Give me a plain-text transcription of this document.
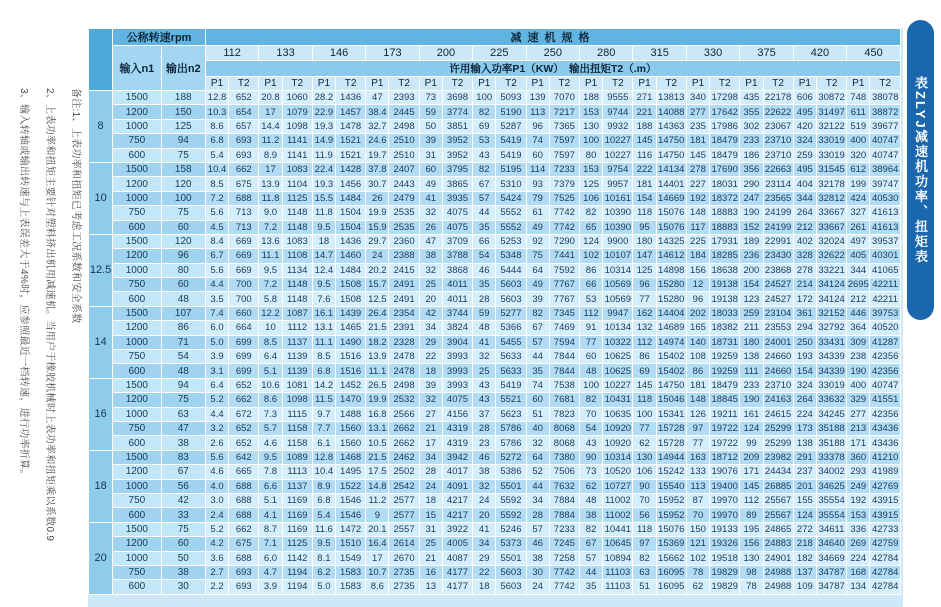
备注:1、上表功率和扭矩已考虑工况系数和安全系数
2、上表功率和扭矩主要针对塑料挤出机用减速机。当用户于橡胶机械时上表功率和扭矩乘以系数0.9
3、输入转轴或输出转速与上表误差大于4%时，应参照最近一档转速，进行功率折算。
	公称转速rpm		减速机规格																									
	输入n1	输出n2	112		133		146		173		200		225		250		280		315		330		375		420		450	
			许用输入功率P1（KW）　输出扭矩T2（.m）																									
			P1	T2	P1	T2	P1	T2	P1	T2	P1	T2	P1	T2	P1	T2	P1	T2	P1	T2	P1	T2	P1	T2	P1	T2	P1	T2
8	1500	188	12.8	652	20.8	1060	28.2	1436	47	2393	73	3698	100	5093	139	7070	188	9555	271	13813	340	17298	435	22178	606	30872	748	38078
	1200	150	10.3	654	17	1079	22.9	1457	38.4	2445	59	3774	82	5190	113	7217	153	9744	221	14088	277	17642	355	22622	495	31497	611	38872
	1000	125	8.6	657	14.4	1098	19.3	1478	32.7	2498	50	3851	69	5287	96	7365	130	9932	188	14363	235	17986	302	23067	420	32122	519	39677
	750	94	6.8	693	11.2	1141	14.9	1521	24.6	2510	39	3952	53	5419	74	7597	100	10227	145	14750	181	18479	233	23710	324	33019	400	40747
	600	75	5.4	693	8.9	1141	11.9	1521	19.7	2510	31	3952	43	5419	60	7597	80	10227	116	14750	145	18479	186	23710	259	33019	320	40747
10	1500	158	10.4	662	17	1083	22.4	1428	37.8	2407	60	3795	82	5195	114	7233	153	9754	222	14134	278	17690	356	22663	495	31545	612	38964
	1200	120	8.5	675	13.9	1104	19.3	1456	30.7	2443	49	3865	67	5310	93	7379	125	9957	181	14401	227	18031	290	23114	404	32178	199	39747
	1000	100	7.2	688	11.8	1125	15.5	1484	26	2479	41	3935	57	5424	79	7525	106	10161	154	14669	192	18372	247	23565	344	32812	424	40530
	750	75	5.6	713	9.0	1148	11.8	1504	19.9	2535	32	4075	44	5552	61	7742	82	10390	118	15076	148	18883	190	24199	264	33667	327	41613
	600	60	4.5	713	7.2	1148	9.5	1504	15.9	2535	26	4075	35	5552	49	7742	65	10390	95	15076	117	18883	152	24199	212	33667	261	41613
12.5	1500	120	8.4	669	13.6	1083	18	1436	29.7	2360	47	3709	66	5253	92	7290	124	9900	180	14325	225	17931	189	22991	402	32024	497	39537
	1200	96	6.7	669	11.1	1108	14.7	1460	24	2388	38	3788	54	5348	75	7441	102	10107	147	14612	184	18285	236	23430	328	32622	405	40301
	1000	80	5.6	669	9.5	1134	12.4	1484	20.2	2415	32	3868	46	5444	64	7592	86	10314	125	14898	156	18638	200	23868	278	33221	344	41065
	750	60	4.4	700	7.2	1148	9.5	1508	15.7	2491	25	4011	35	5603	49	7767	66	10569	96	15280	12	19138	154	24527	214	34124	2695	42211
	600	48	3.5	700	5.8	1148	7.6	1508	12.5	2491	20	4011	28	5603	39	7767	53	10569	77	15280	96	19138	123	24527	172	34124	212	42211
14	1500	107	7.4	660	12.2	1087	16.1	1439	26.4	2354	42	3744	59	5277	82	7345	112	9947	162	14404	202	18033	259	23104	361	32152	446	39753
	1200	86	6.0	664	10	1112	13.1	1465	21.5	2391	34	3824	48	5366	67	7469	91	10134	132	14689	165	18382	211	23553	294	32792	364	40520
	1000	71	5.0	699	8.5	1137	11.1	1490	18.2	2328	29	3904	41	5455	57	7594	77	10322	112	14974	140	18731	180	24001	250	33431	309	41287
	750	54	3.9	699	6.4	1139	8.5	1516	13.9	2478	22	3993	32	5633	44	7844	60	10625	86	15402	108	19259	138	24660	193	34339	238	42356
	600	48	3.1	699	5.1	1139	6.8	1516	11.1	2478	18	3993	25	5633	35	7844	48	10625	69	15402	86	19259	111	24660	154	34339	190	42356
16	1500	94	6.4	652	10.6	1081	14.2	1452	26.5	2498	39	3993	43	5419	74	7538	100	10227	145	14750	181	18479	233	23710	324	33019	400	40747
	1200	75	5.2	662	8.6	1098	11.5	1470	19.9	2532	32	4075	43	5521	60	7681	82	10431	118	15046	148	18845	190	24163	264	33632	329	41551
	1000	63	4.4	672	7.3	1115	9.7	1488	16.8	2566	27	4156	37	5623	51	7823	70	10635	100	15341	126	19211	161	24615	224	34245	277	42356
	750	47	3.2	652	5.7	1158	7.7	1560	13.1	2662	21	4319	28	5786	40	8068	54	10920	77	15728	97	19722	124	25299	173	35188	213	43436
	600	38	2.6	652	4.6	1158	6.1	1560	10.5	2662	17	4319	23	5786	32	8068	43	10920	62	15728	77	19722	99	25299	138	35188	171	43436
18	1500	83	5.6	642	9.5	1089	12.8	1468	21.5	2462	34	3942	46	5272	64	7380	90	10314	130	14944	163	18712	209	23982	291	33378	360	41210
	1200	67	4.6	665	7.8	1113	10.4	1495	17.5	2502	28	4017	38	5386	52	7506	73	10520	106	15242	133	19076	171	24434	237	34002	293	41989
	1000	56	4.0	688	6.6	1137	8.9	1522	14.8	2542	24	4091	32	5501	44	7632	62	10727	90	15540	113	19400	145	26885	201	34625	249	42769
	750	42	3.0	688	5.1	1169	6.8	1546	11.2	2577	18	4217	24	5592	34	7884	48	11002	70	15952	87	19970	112	25567	155	35554	192	43915
	600	33	2.4	688	4.1	1169	5.4	1546	9	2577	15	4217	20	5592	28	7884	38	11002	56	15952	70	19970	89	25567	124	35554	153	43915
20	1500	75	5.2	662	8.7	1169	11.6	1472	20.1	2557	31	3922	41	5246	57	7233	82	10441	118	15076	150	19133	195	24865	272	34611	336	42733
	1200	60	4.2	675	7.1	1125	9.5	1510	16.4	2614	25	4005	34	5373	46	7245	67	10645	97	15369	121	19326	156	24883	218	34640	269	42759
	1000	50	3.6	688	6.0	1142	8.1	1549	17	2670	21	4087	29	5501	38	7258	57	10894	82	15662	102	19518	130	24901	182	34669	224	42784
	750	38	2.7	693	4.7	1194	6.2	1583	10.7	2735	16	4177	22	5603	30	7742	44	11103	63	16095	78	19829	98	24988	137	34787	168	42784
	600	30	2.2	693	3.9	1194	5.0	1583	8.6	2735	13	4177	18	5603	24	7742	35	11103	51	16095	62	19829	78	24988	109	34787	134	42784
表ZLYJ减速机功率、扭矩表
